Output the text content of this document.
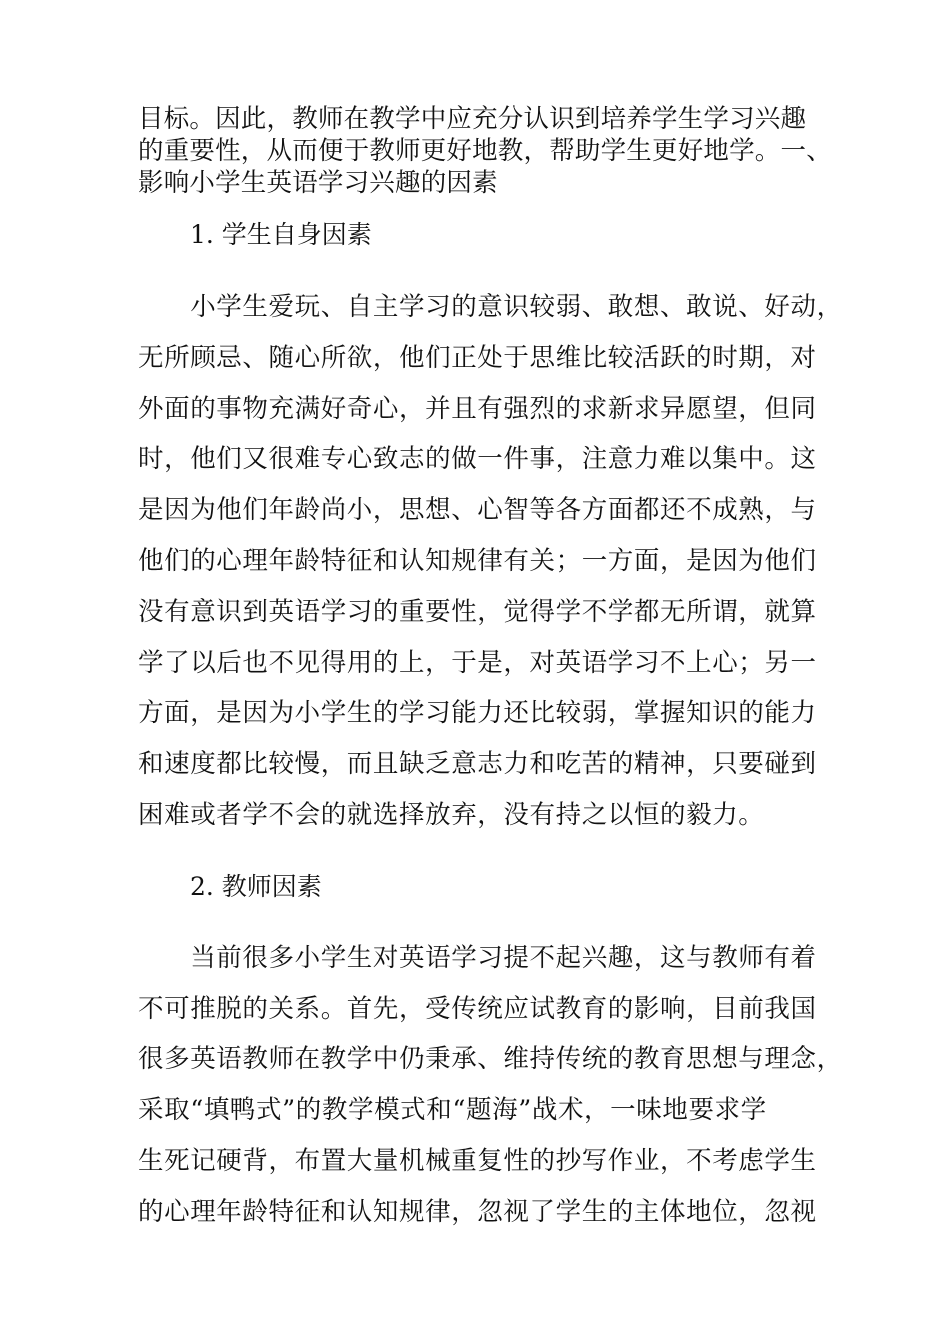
目标。因此，教师在教学中应充分认识到培养学生学习兴趣
的重要性，从而便于教师更好地教，帮助学生更好地学。一、
影响小学生英语学习兴趣的因素

1. 学生自身因素

　　小学生爱玩、自主学习的意识较弱、敢想、敢说、好动，
无所顾忌、随心所欲，他们正处于思维比较活跃的时期，对
外面的事物充满好奇心，并且有强烈的求新求异愿望，但同
时，他们又很难专心致志的做一件事，注意力难以集中。这
是因为他们年龄尚小，思想、心智等各方面都还不成熟，与
他们的心理年龄特征和认知规律有关；一方面，是因为他们
没有意识到英语学习的重要性，觉得学不学都无所谓，就算
学了以后也不见得用的上，于是，对英语学习不上心；另一
方面，是因为小学生的学习能力还比较弱，掌握知识的能力
和速度都比较慢，而且缺乏意志力和吃苦的精神，只要碰到
困难或者学不会的就选择放弃，没有持之以恒的毅力。

2. 教师因素

　　当前很多小学生对英语学习提不起兴趣，这与教师有着
不可推脱的关系。首先，受传统应试教育的影响，目前我国
很多英语教师在教学中仍秉承、维持传统的教育思想与理念，
采取“填鸭式”的教学模式和“题海”战术，一味地要求学
生死记硬背，布置大量机械重复性的抄写作业，不考虑学生
的心理年龄特征和认知规律，忽视了学生的主体地位，忽视
